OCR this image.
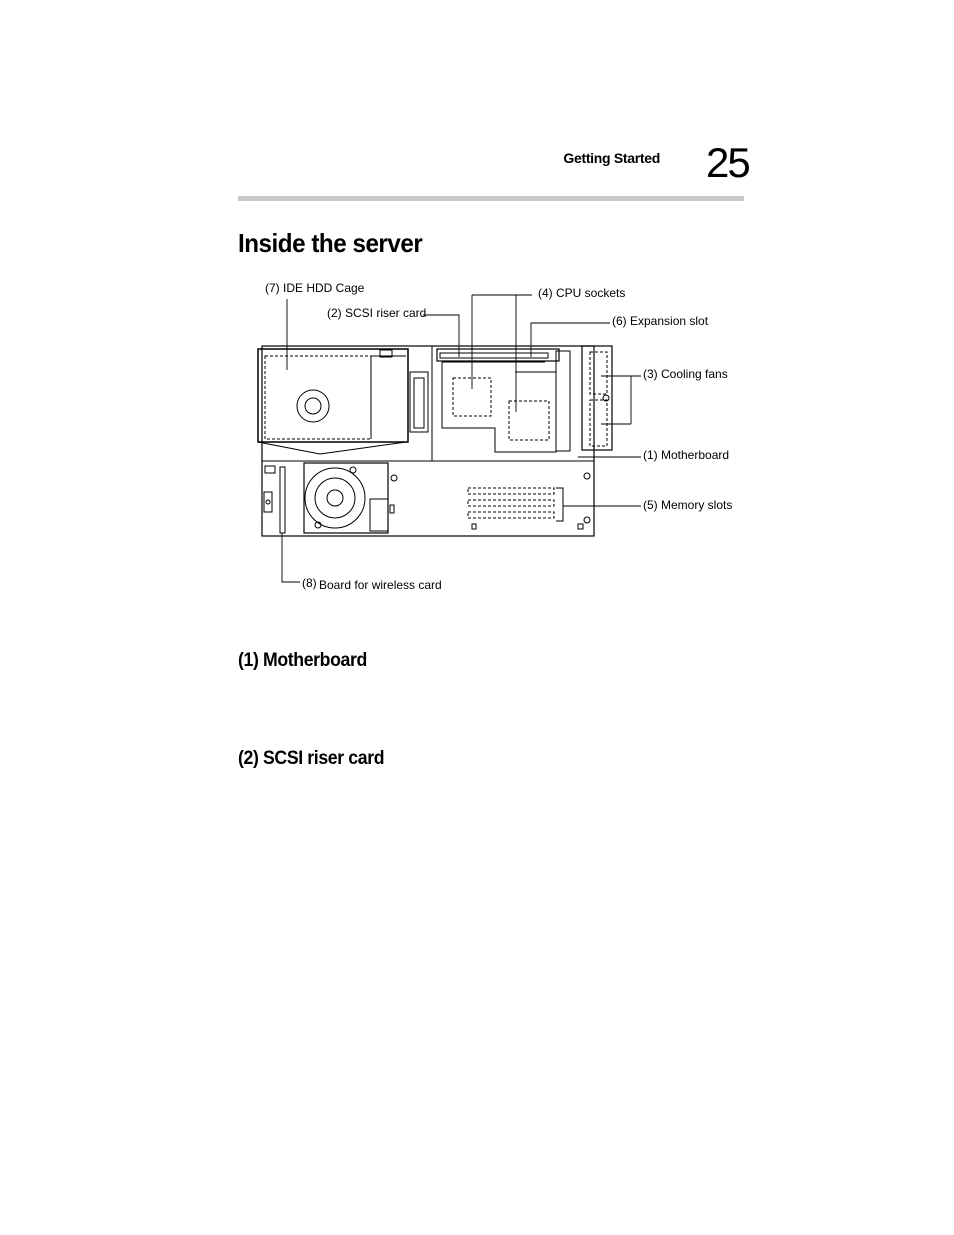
Getting Started 25
Inside the server
(7) IDE HDD Cage
(2) SCSI riser card
(4) CPU sockets
(6) Expansion slot
(3) Cooling fans
(1) Motherboard
(5) Memory slots
(8) Board for wireless card
(1) Motherboard
(2) SCSI riser card
